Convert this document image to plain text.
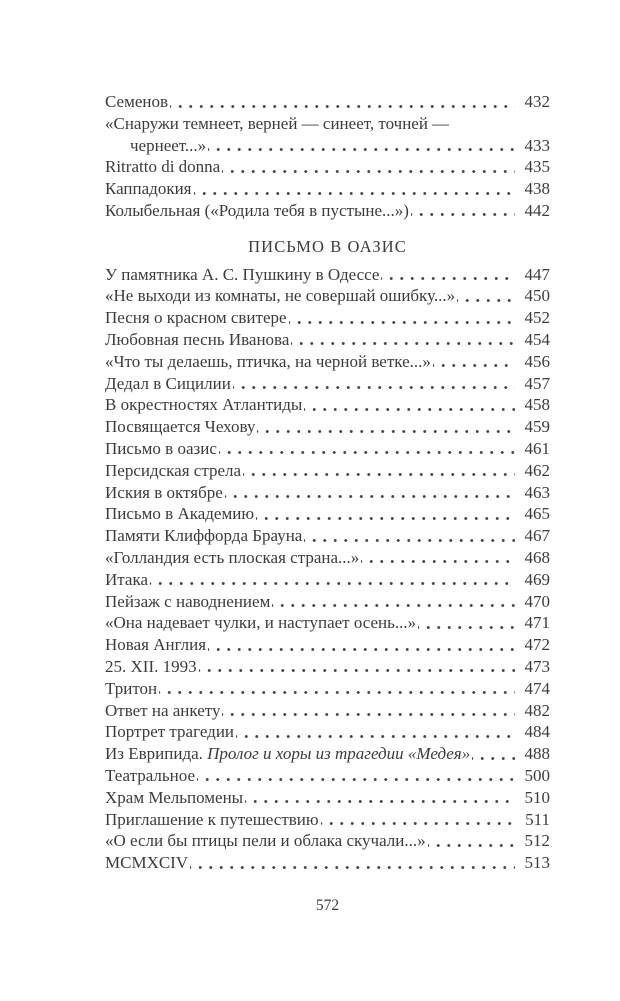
Семенов	432
«Снаружи темнеет, верней — синеет, точней —
чернеет...»	433
Ritratto di donna	435
Каппадокия	438
Колыбельная («Родила тебя в пустыне...»)	442
ПИСЬМО В ОАЗИС
У памятника А. С. Пушкину в Одессе	447
«Не выходи из комнаты, не совершай ошибку...»	450
Песня о красном свитере	452
Любовная песнь Иванова	454
«Что ты делаешь, птичка, на черной ветке...»	456
Дедал в Сицилии	457
В окрестностях Атлантиды	458
Посвящается Чехову	459
Письмо в оазис	461
Персидская стрела	462
Иския в октябре	463
Письмо в Академию	465
Памяти Клиффорда Брауна	467
«Голландия есть плоская страна...»	468
Итака	469
Пейзаж с наводнением	470
«Она надевает чулки, и наступает осень...»	471
Новая Англия	472
25. XII. 1993	473
Тритон	474
Ответ на анкету	482
Портрет трагедии	484
Из Еврипида. Пролог и хоры из трагедии «Медея»	488
Театральное	500
Храм Мельпомены	510
Приглашение к путешествию	511
«О если бы птицы пели и облака скучали...»	512
MCMXCIV	513
572
